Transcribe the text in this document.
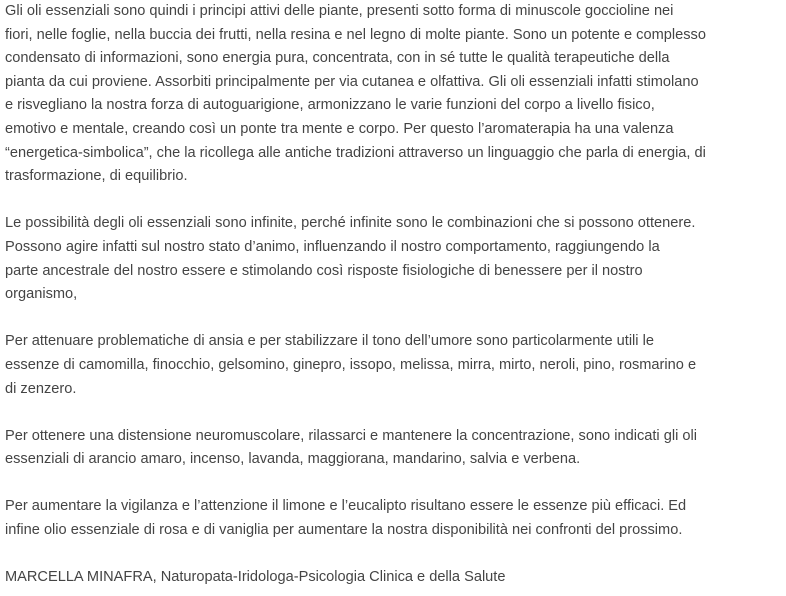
Gli oli essenziali sono quindi i principi attivi delle piante, presenti sotto forma di minuscole goccioline nei
fiori, nelle foglie, nella buccia dei frutti, nella resina e nel legno di molte piante. Sono un potente e complesso
condensato di informazioni, sono energia pura, concentrata, con in sé tutte le qualità terapeutiche della
pianta da cui proviene. Assorbiti principalmente per via cutanea e olfattiva. Gli oli essenziali infatti stimolano
e risvegliano la nostra forza di autoguarigione, armonizzano le varie funzioni del corpo a livello fisico,
emotivo e mentale, creando così un ponte tra mente e corpo. Per questo l’aromaterapia ha una valenza
“energetica-simbolica”, che la ricollega alle antiche tradizioni attraverso un linguaggio che parla di energia, di
trasformazione, di equilibrio.

Le possibilità degli oli essenziali sono infinite, perché infinite sono le combinazioni che si possono ottenere.
Possono agire infatti sul nostro stato d’animo, influenzando il nostro comportamento, raggiungendo la
parte ancestrale del nostro essere e stimolando così risposte fisiologiche di benessere per il nostro
organismo,

Per attenuare problematiche di ansia e per stabilizzare il tono dell’umore sono particolarmente utili le
essenze di camomilla, finocchio, gelsomino, ginepro, issopo, melissa, mirra, mirto, neroli, pino, rosmarino e
di zenzero.

Per ottenere una distensione neuromuscolare, rilassarci e mantenere la concentrazione, sono indicati gli oli
essenziali di arancio amaro, incenso, lavanda, maggiorana, mandarino, salvia e verbena.

Per aumentare la vigilanza e l’attenzione il limone e l’eucalipto risultano essere le essenze più efficaci. Ed
infine olio essenziale di rosa e di vaniglia per aumentare la nostra disponibilità nei confronti del prossimo.

MARCELLA MINAFRA, Naturopata-Iridologa-Psicologia Clinica e della Salute
